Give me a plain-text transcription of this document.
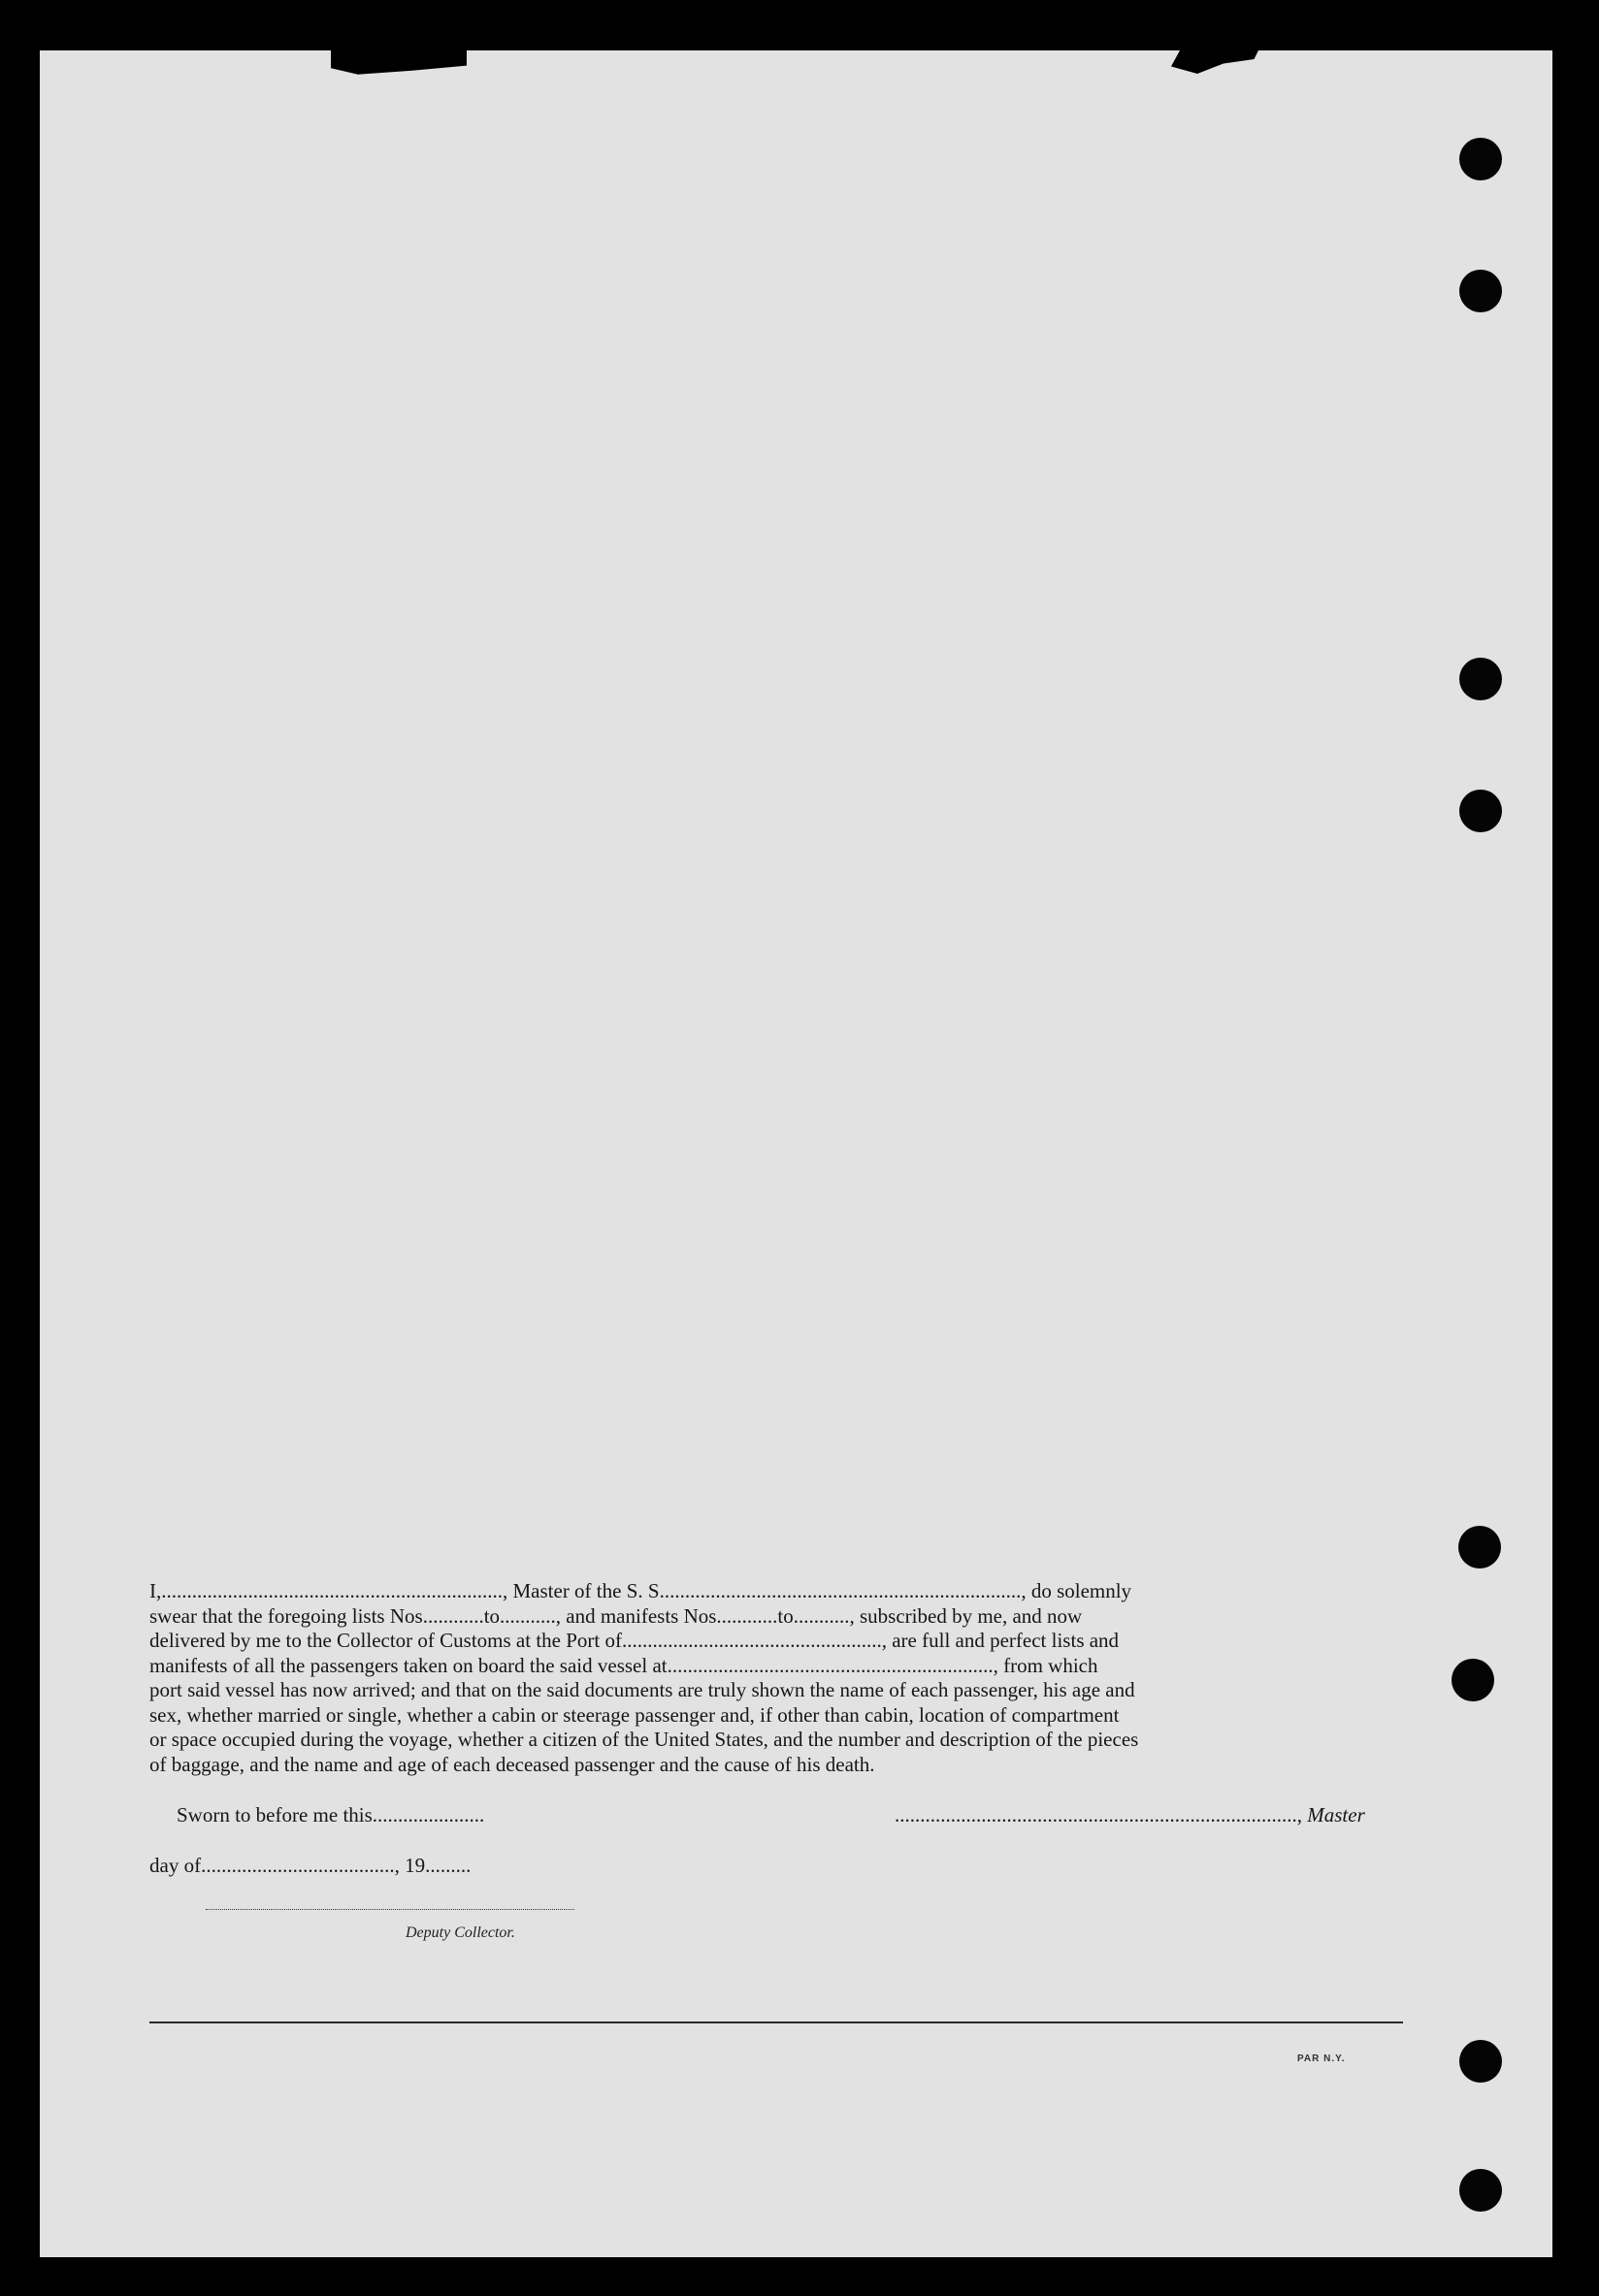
I,..................................................................., Master of the S. S......................................................................., do solemnly
swear that the foregoing lists Nos............to..........., and manifests Nos............to..........., subscribed by me, and now
delivered by me to the Collector of Customs at the Port of..................................................., are full and perfect lists and
manifests of all the passengers taken on board the said vessel at................................................................, from which
port said vessel has now arrived; and that on the said documents are truly shown the name of each passenger, his age and
sex, whether married or single, whether a cabin or steerage passenger and, if other than cabin, location of compartment
or space occupied during the voyage, whether a citizen of the United States, and the number and description of the pieces
of baggage, and the name and age of each deceased passenger and the cause of his death.
Sworn to before me this......................	..............................................................................., Master
day of......................................, 19.........
Deputy Collector.
PAR N.Y.
